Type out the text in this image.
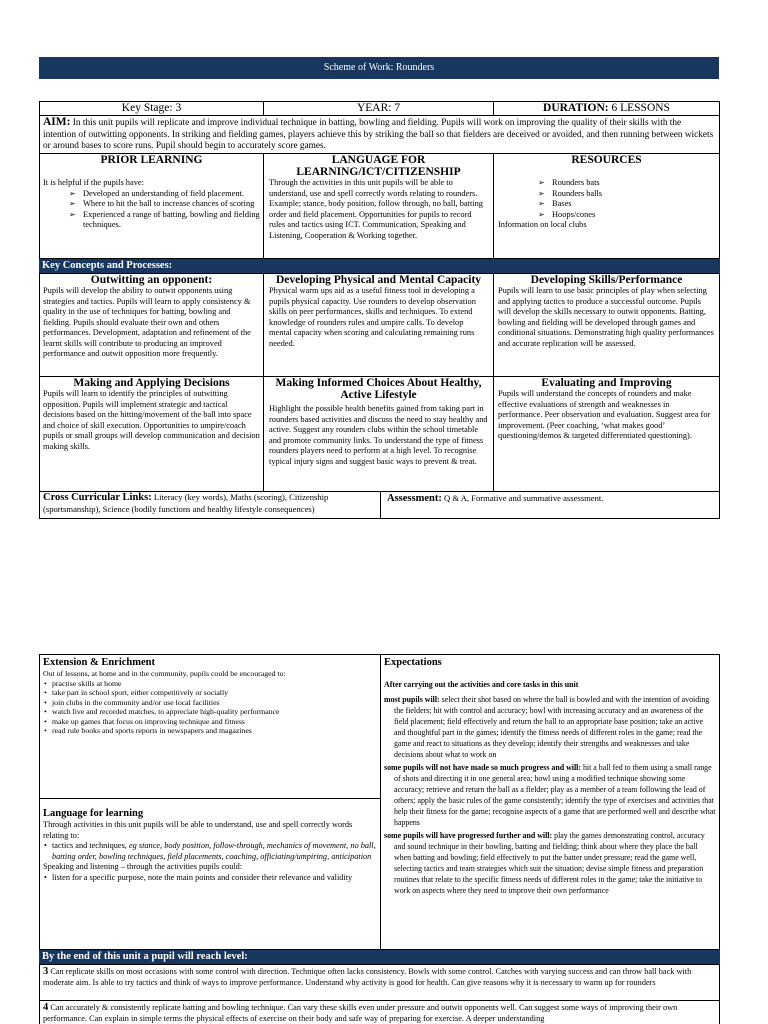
Scheme of Work: Rounders
Key Stage: 3	YEAR: 7	DURATION: 6 LESSONS
AIM: In this unit pupils will replicate and improve individual technique in batting, bowling and fielding. Pupils will work on improving the quality of their skills with the intention of outwitting opponents. In striking and fielding games, players achieve this by striking the ball so that fielders are deceived or avoided, and then running between wickets or around bases to score runs. Pupil should begin to accurately score games.

PRIOR LEARNING

It is helpful if the pupils have:
➢ Developed an understanding of field placement.
➢ Where to hit the ball to increase chances of scoring
➢ Experienced a range of batting, bowling and fielding techniques.

LANGUAGE FOR LEARNING/ICT/CITIZENSHIP

Through the activities in this unit pupils will be able to understand, use and spell correctly words relating to rounders. Example; stance, body position, follow through, no ball, batting order and field placement. Opportunities for pupils to record rules and tactics using ICT. Communication, Speaking and Listening, Cooperation & Working together.

RESOURCES

➢ Rounders bats
➢ Rounders balls
➢ Bases
➢ Hoops/cones
Information on local clubs
Key Concepts and Processes:

Outwitting an opponent:

Pupils will develop the ability to outwit opponents using strategies and tactics. Pupils will learn to apply consistency & quality in the use of techniques for batting, bowling and fielding. Pupils should evaluate their own and others performances. Development, adaptation and refinement of the learnt skills will contribute to producing an improved performance and outwit opposition more frequently.

Developing Physical and Mental Capacity

Physical warm ups aid as a useful fitness tool in developing a pupils physical capacity. Use rounders to develop observation skills on peer performances, skills and techniques. To extend knowledge of rounders rules and umpire calls. To develop mental capacity when scoring and calculating remaining runs needed.

Developing Skills/Performance

Pupils will learn to use basic principles of play when selecting and applying tactics to produce a successful outcome. Pupils will develop the skills necessary to outwit opponents. Batting, bowling and fielding will be developed through games and conditional situations. Demonstrating high quality performances and accurate replication will be assessed.

Making and Applying Decisions

Pupils will learn to identify the principles of outwitting opposition. Pupils will implement strategic and tactical decisions based on the hitting/movement of the ball into space and choice of skill execution. Opportunities to umpire/coach pupils or small groups will develop communication and decision making skills.

Making Informed Choices About Healthy, Active Lifestyle

Highlight the possible health benefits gained from taking part in rounders based activities and discuss the need to stay healthy and active. Suggest any rounders clubs within the school timetable and promote community links. To understand the type of fitness rounders players need to perform at a high level. To recognise typical injury signs and suggest basic ways to prevent & treat.

Evaluating and Improving

Pupils will understand the concepts of rounders and make effective evaluations of strength and weaknesses in performance. Peer observation and evaluation. Suggest area for improvement. (Peer coaching, ‘what makes good’ questioning/demos & targeted differentiated questioning).
Cross Curricular Links: Literacy (key words), Maths (scoring), Citizenship (sportsmanship), Science (bodily functions and healthy lifestyle consequences)
Assessment: Q & A, Formative and summative assessment.
Extension & Enrichment
Out of lessons, at home and in the community, pupils could be encouraged to:
• practise skills at home
• take part in school sport, either competitively or socially
• join clubs in the community and/or use local facilities
• watch live and recorded matches, to appreciate high-quality performance
• make up games that focus on improving technique and fitness
• read rule books and sports reports in newspapers and magazines
Language for learning
Through activities in this unit pupils will be able to understand, use and spell correctly words relating to:
• tactics and techniques, eg stance, body position, follow-through, mechanics of movement, no ball, batting order, bowling techniques, field placements, coaching, officiating/umpiring, anticipation
Speaking and listening – through the activities pupils could:
• listen for a specific purpose, note the main points and consider their relevance and validity
Expectations
After carrying out the activities and core tasks in this unit
most pupils will: select their shot based on where the ball is bowled and with the intention of avoiding the fielders; hit with control and accuracy; bowl with increasing accuracy and an awareness of the field placement; field effectively and return the ball to an appropriate base position; take an active and thoughtful part in the games; identify the fitness needs of different roles in the game; read the game and react to situations as they develop; identify their strengths and weaknesses and take decisions about what to work on
some pupils will not have made so much progress and will: hit a ball fed to them using a small range of shots and directing it in one general area; bowl using a modified technique showing some accuracy; retrieve and return the ball as a fielder; play as a member of a team following the lead of others; apply the basic rules of the game consistently; identify the type of exercises and activities that help their fitness for the game; recognise aspects of a game that are performed well and describe what happens
some pupils will have progressed further and will: play the games demonstrating control, accuracy and sound technique in their bowling, batting and fielding; think about where they place the ball when batting and bowling; field effectively to put the batter under pressure; read the game well, selecting tactics and team strategies which suit the situation; devise simple fitness and preparation routines that relate to the specific fitness needs of different roles in the game; take the initiative to work on aspects where they need to improve their own performance
By the end of this unit a pupil will reach level:
3 Can replicate skills on most occasions with some control with direction. Technique often lacks consistency. Bowls with some control. Catches with varying success and can throw ball back with moderate aim. Is able to try tactics and think of ways to improve performance. Understand why activity is good for health. Can give reasons why it is necessary to warm up for rounders
4 Can accurately & consistently replicate batting and bowling technique. Can vary these skills even under pressure and outwit opponents well. Can suggest some ways of improving their own performance. Can explain in simple terms the physical effects of exercise on their body and safe way of preparing for exercise. A deeper understanding
